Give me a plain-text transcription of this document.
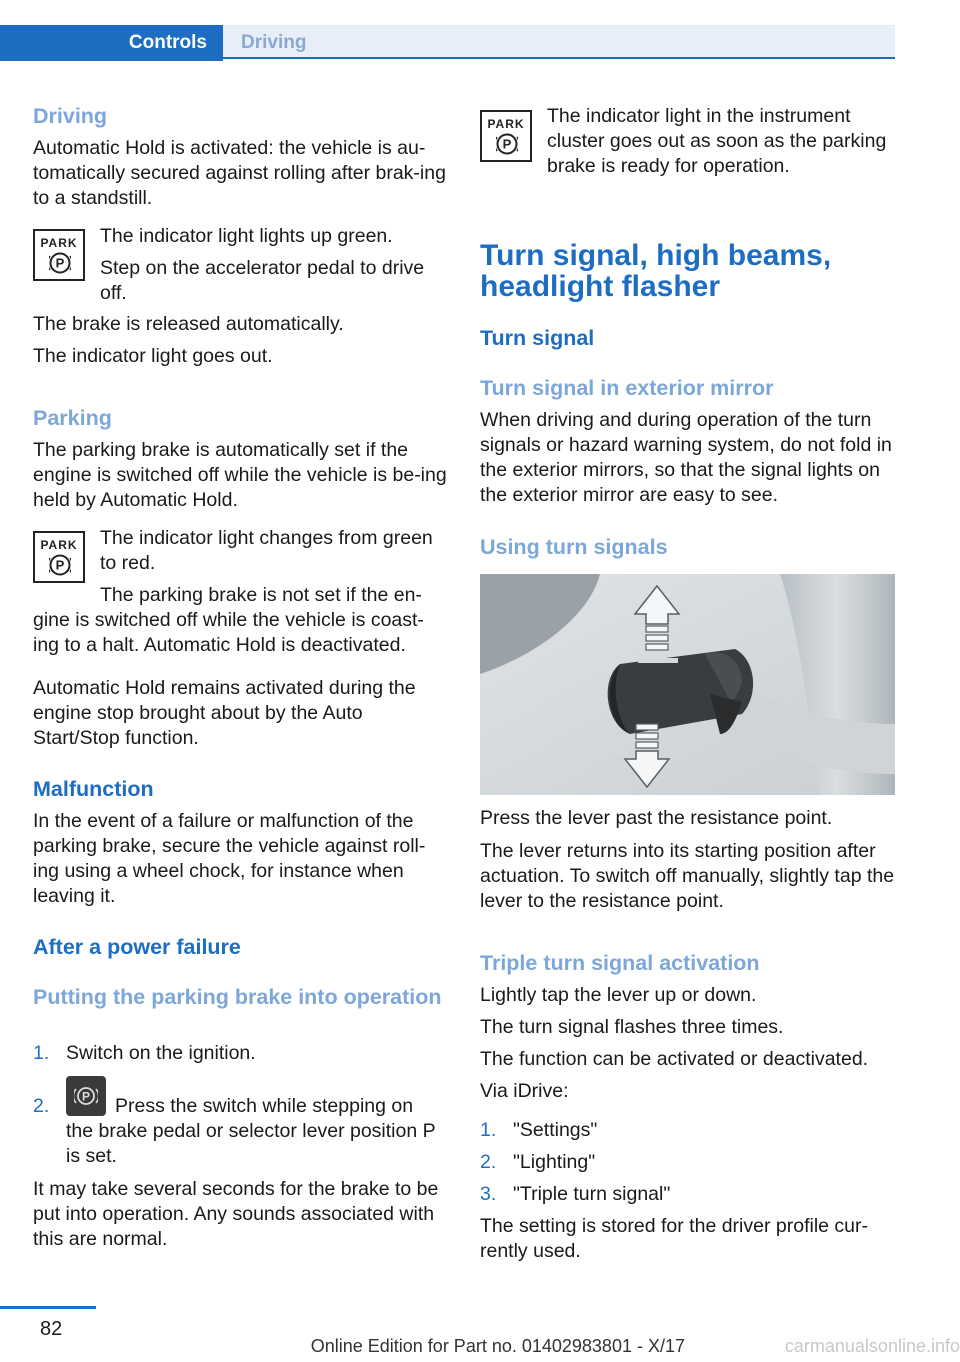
Controls	Driving

Driving

Automatic Hold is activated: the vehicle is au‐tomatically secured against rolling after brak‐ing to a standstill.

PARK
P

The indicator light lights up green.

Step on the accelerator pedal to drive off.

The brake is released automatically.

The indicator light goes out.

Parking

The parking brake is automatically set if the engine is switched off while the vehicle is be‐ing held by Automatic Hold.

PARK
P

The indicator light changes from green to red.

The parking brake is not set if the en‐

gine is switched off while the vehicle is coast‐ing to a halt. Automatic Hold is deactivated.

Automatic Hold remains activated during the engine stop brought about by the Auto Start/Stop function.

Malfunction

In the event of a failure or malfunction of the parking brake, secure the vehicle against roll‐ing using a wheel chock, for instance when leaving it.

After a power failure

Putting the parking brake into operation

1. Switch on the ignition.
2.	P Press the switch while stepping on
the brake pedal or selector lever position P is set.

It may take several seconds for the brake to be put into operation. Any sounds associated with this are normal.

PARK
P

The indicator light in the instrument cluster goes out as soon as the parking brake is ready for operation.

Turn signal, high beams, headlight flasher

Turn signal

Turn signal in exterior mirror

When driving and during operation of the turn signals or hazard warning system, do not fold in the exterior mirrors, so that the signal lights on the exterior mirror are easy to see.

Using turn signals

Press the lever past the resistance point.

The lever returns into its starting position after actuation. To switch off manually, slightly tap the lever to the resistance point.

Triple turn signal activation

Lightly tap the lever up or down.

The turn signal flashes three times.

The function can be activated or deactivated.

Via iDrive:

1. "Settings"
2. "Lighting"
3. "Triple turn signal"

The setting is stored for the driver profile cur‐rently used.

82
Online Edition for Part no. 01402983801 - X/17	carmanualsonline.info
